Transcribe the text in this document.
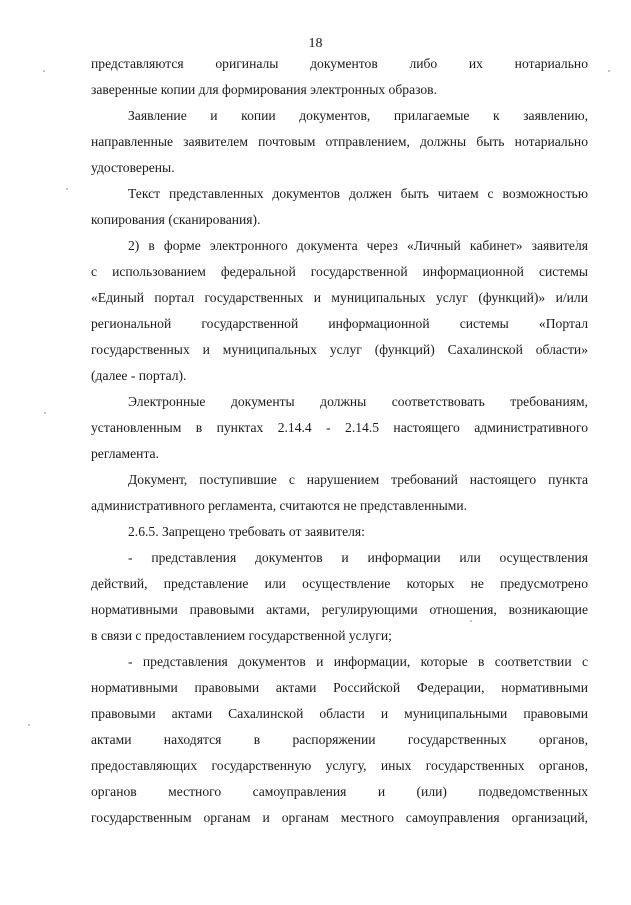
18
представляются оригиналы документов либо их нотариально
заверенные копии для формирования электронных образов.
Заявление и копии документов, прилагаемые к заявлению,
направленные заявителем почтовым отправлением, должны быть нотариально
удостоверены.
Текст представленных документов должен быть читаем с возможностью
копирования (сканирования).
2) в форме электронного документа через «Личный кабинет» заявителя
с использованием федеральной государственной информационной системы
«Единый портал государственных и муниципальных услуг (функций)» и/или
региональной государственной информационной системы «Портал
государственных и муниципальных услуг (функций) Сахалинской области»
(далее - портал).
Электронные документы должны соответствовать требованиям,
установленным в пунктах 2.14.4 - 2.14.5 настоящего административного
регламента.
Документ, поступившие с нарушением требований настоящего пункта
административного регламента, считаются не представленными.
2.6.5. Запрещено требовать от заявителя:
- представления документов и информации или осуществления
действий, представление или осуществление которых не предусмотрено
нормативными правовыми актами, регулирующими отношения, возникающие
в связи с предоставлением государственной услуги;
- представления документов и информации, которые в соответствии с
нормативными правовыми актами Российской Федерации, нормативными
правовыми актами Сахалинской области и муниципальными правовыми
актами находятся в распоряжении государственных органов,
предоставляющих государственную услугу, иных государственных органов,
органов местного самоуправления и (или) подведомственных
государственным органам и органам местного самоуправления организаций,
